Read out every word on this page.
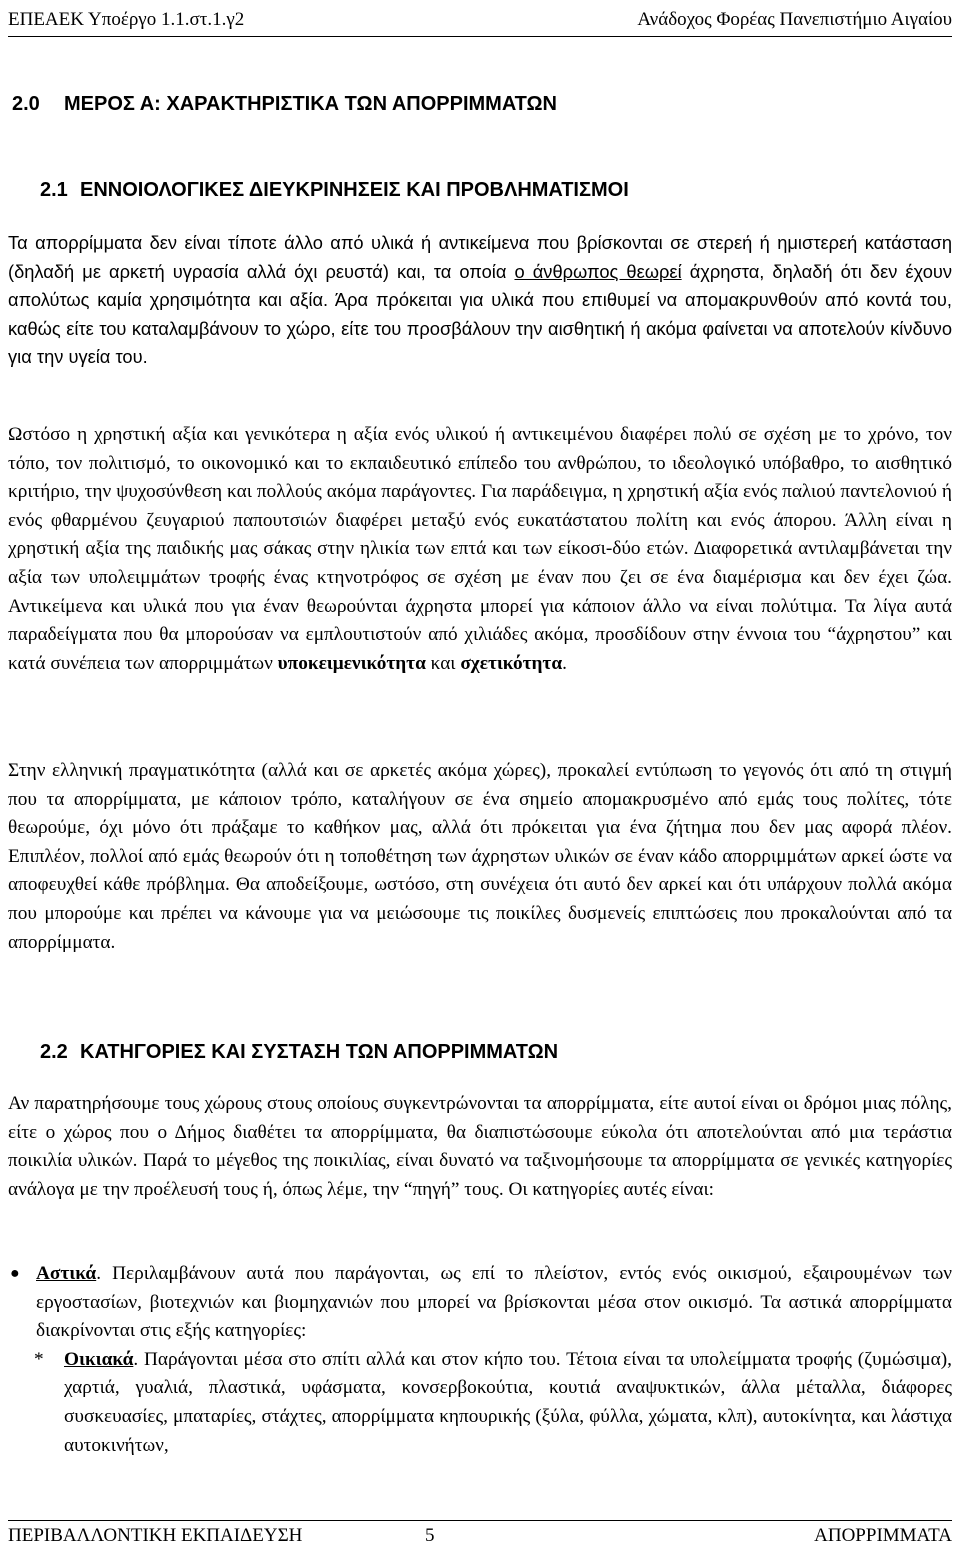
ΕΠΕΑΕΚ Υποέργο 1.1.στ.1.γ2	Ανάδοχος Φορέας Πανεπιστήμιο Αιγαίου
2.0 ΜΕΡΟΣ Α: ΧΑΡΑΚΤΗΡΙΣΤΙΚΑ ΤΩΝ ΑΠΟΡΡΙΜΜΑΤΩΝ
2.1 ΕΝΝΟΙΟΛΟΓΙΚΕΣ ΔΙΕΥΚΡΙΝΗΣΕΙΣ ΚΑΙ ΠΡΟΒΛΗΜΑΤΙΣΜΟΙ

Τα απορρίμματα δεν είναι τίποτε άλλο από υλικά ή αντικείμενα που βρίσκονται σε στερεή ή ημιστερεή κατάσταση (δηλαδή με αρκετή υγρασία αλλά όχι ρευστά) και, τα οποία ο άνθρωπος θεωρεί άχρηστα, δηλαδή ότι δεν έχουν απολύτως καμία χρησιμότητα και αξία. Άρα πρόκειται για υλικά που επιθυμεί να απομακρυνθούν από κοντά του, καθώς είτε του καταλαμβάνουν το χώρο, είτε του προσβάλουν την αισθητική ή ακόμα φαίνεται να αποτελούν κίνδυνο για την υγεία του.

Ωστόσο η χρηστική αξία και γενικότερα η αξία ενός υλικού ή αντικειμένου διαφέρει πολύ σε σχέση με το χρόνο, τον τόπο, τον πολιτισμό, το οικονομικό και το εκπαιδευτικό επίπεδο του ανθρώπου, το ιδεολογικό υπόβαθρο, το αισθητικό κριτήριο, την ψυχοσύνθεση και πολλούς ακόμα παράγοντες. Για παράδειγμα, η χρηστική αξία ενός παλιού παντελονιού ή ενός φθαρμένου ζευγαριού παπουτσιών διαφέρει μεταξύ ενός ευκατάστατου πολίτη και ενός άπορου. Άλλη είναι η χρηστική αξία της παιδικής μας σάκας στην ηλικία των επτά και των είκοσι-δύο ετών. Διαφορετικά αντιλαμβάνεται την αξία των υπολειμμάτων τροφής ένας κτηνοτρόφος σε σχέση με έναν που ζει σε ένα διαμέρισμα και δεν έχει ζώα. Αντικείμενα και υλικά που για έναν θεωρούνται άχρηστα μπορεί για κάποιον άλλο να είναι πολύτιμα. Τα λίγα αυτά παραδείγματα που θα μπορούσαν να εμπλουτιστούν από χιλιάδες ακόμα, προσδίδουν στην έννοια του “άχρηστου” και κατά συνέπεια των απορριμμάτων υποκειμενικότητα και σχετικότητα.

Στην ελληνική πραγματικότητα (αλλά και σε αρκετές ακόμα χώρες), προκαλεί εντύπωση το γεγονός ότι από τη στιγμή που τα απορρίμματα, με κάποιον τρόπο, καταλήγουν σε ένα σημείο απομακρυσμένο από εμάς τους πολίτες, τότε θεωρούμε, όχι μόνο ότι πράξαμε το καθήκον μας, αλλά ότι πρόκειται για ένα ζήτημα που δεν μας αφορά πλέον. Επιπλέον, πολλοί από εμάς θεωρούν ότι η τοποθέτηση των άχρηστων υλικών σε έναν κάδο απορριμμάτων αρκεί ώστε να αποφευχθεί κάθε πρόβλημα. Θα αποδείξουμε, ωστόσο, στη συνέχεια ότι αυτό δεν αρκεί και ότι υπάρχουν πολλά ακόμα που μπορούμε και πρέπει να κάνουμε για να μειώσουμε τις ποικίλες δυσμενείς επιπτώσεις που προκαλούνται από τα απορρίμματα.

2.2 ΚΑΤΗΓΟΡΙΕΣ ΚΑΙ ΣΥΣΤΑΣΗ ΤΩΝ ΑΠΟΡΡΙΜΜΑΤΩΝ

Αν παρατηρήσουμε τους χώρους στους οποίους συγκεντρώνονται τα απορρίμματα, είτε αυτοί είναι οι δρόμοι μιας πόλης, είτε ο χώρος που ο Δήμος διαθέτει τα απορρίμματα, θα διαπιστώσουμε εύκολα ότι αποτελούνται από μια τεράστια ποικιλία υλικών. Παρά το μέγεθος της ποικιλίας, είναι δυνατό να ταξινομήσουμε τα απορρίμματα σε γενικές κατηγορίες ανάλογα με την προέλευσή τους ή, όπως λέμε, την “πηγή” τους. Οι κατηγορίες αυτές είναι:

● Αστικά. Περιλαμβάνουν αυτά που παράγονται, ως επί το πλείστον, εντός ενός οικισμού, εξαιρουμένων των εργοστασίων, βιοτεχνιών και βιομηχανιών που μπορεί να βρίσκονται μέσα στον οικισμό. Τα αστικά απορρίμματα διακρίνονται στις εξής κατηγορίες:
* Οικιακά. Παράγονται μέσα στο σπίτι αλλά και στον κήπο του. Τέτοια είναι τα υπολείμματα τροφής (ζυμώσιμα), χαρτιά, γυαλιά, πλαστικά, υφάσματα, κονσερβοκούτια, κουτιά αναψυκτικών, άλλα μέταλλα, διάφορες συσκευασίες, μπαταρίες, στάχτες, απορρίμματα κηπουρικής (ξύλα, φύλλα, χώματα, κλπ), αυτοκίνητα, και λάστιχα αυτοκινήτων,
ΠΕΡΙΒΑΛΛΟΝΤΙΚΗ ΕΚΠΑΙΔΕΥΣΗ	5	ΑΠΟΡΡΙΜΜΑΤΑ
